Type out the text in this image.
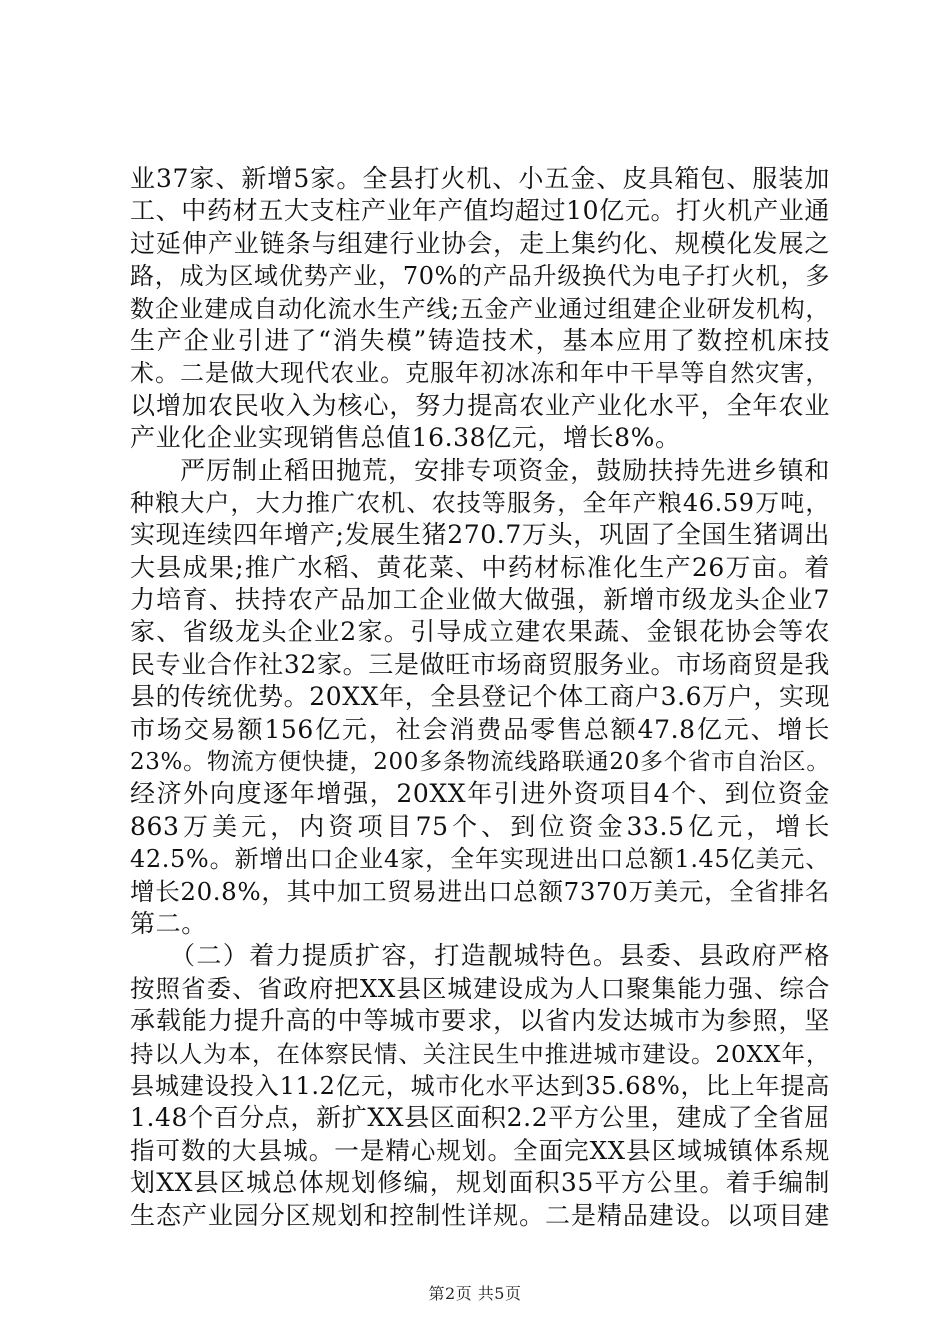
业37家、新增5家。全县打火机、小五金、皮具箱包、服装加
工、中药材五大支柱产业年产值均超过10亿元。打火机产业通
过延伸产业链条与组建行业协会，走上集约化、规模化发展之
路，成为区域优势产业，70%的产品升级换代为电子打火机，多
数企业建成自动化流水生产线;五金产业通过组建企业研发机构，
生产企业引进了“消失模”铸造技术，基本应用了数控机床技
术。二是做大现代农业。克服年初冰冻和年中干旱等自然灾害，
以增加农民收入为核心，努力提高农业产业化水平，全年农业
产业化企业实现销售总值16.38亿元，增长8%。
严厉制止稻田抛荒，安排专项资金，鼓励扶持先进乡镇和
种粮大户，大力推广农机、农技等服务，全年产粮46.59万吨，
实现连续四年增产;发展生猪270.7万头，巩固了全国生猪调出
大县成果;推广水稻、黄花菜、中药材标准化生产26万亩。着
力培育、扶持农产品加工企业做大做强，新增市级龙头企业7
家、省级龙头企业2家。引导成立建农果蔬、金银花协会等农
民专业合作社32家。三是做旺市场商贸服务业。市场商贸是我
县的传统优势。20XX年，全县登记个体工商户3.6万户，实现
市场交易额156亿元，社会消费品零售总额47.8亿元、增长
23%。物流方便快捷，200多条物流线路联通20多个省市自治区。
经济外向度逐年增强，20XX年引进外资项目4个、到位资金
863万美元，内资项目75个、到位资金33.5亿元，增长
42.5%。新增出口企业4家，全年实现进出口总额1.45亿美元、
增长20.8%，其中加工贸易进出口总额7370万美元，全省排名
第二。
（二）着力提质扩容，打造靓城特色。县委、县政府严格
按照省委、省政府把XX县区城建设成为人口聚集能力强、综合
承载能力提升高的中等城市要求，以省内发达城市为参照，坚
持以人为本，在体察民情、关注民生中推进城市建设。20XX年，
县城建设投入11.2亿元，城市化水平达到35.68%，比上年提高
1.48个百分点，新扩XX县区面积2.2平方公里，建成了全省屈
指可数的大县城。一是精心规划。全面完XX县区域城镇体系规
划XX县区城总体规划修编，规划面积35平方公里。着手编制
生态产业园分区规划和控制性详规。二是精品建设。以项目建
第2页 共5页
